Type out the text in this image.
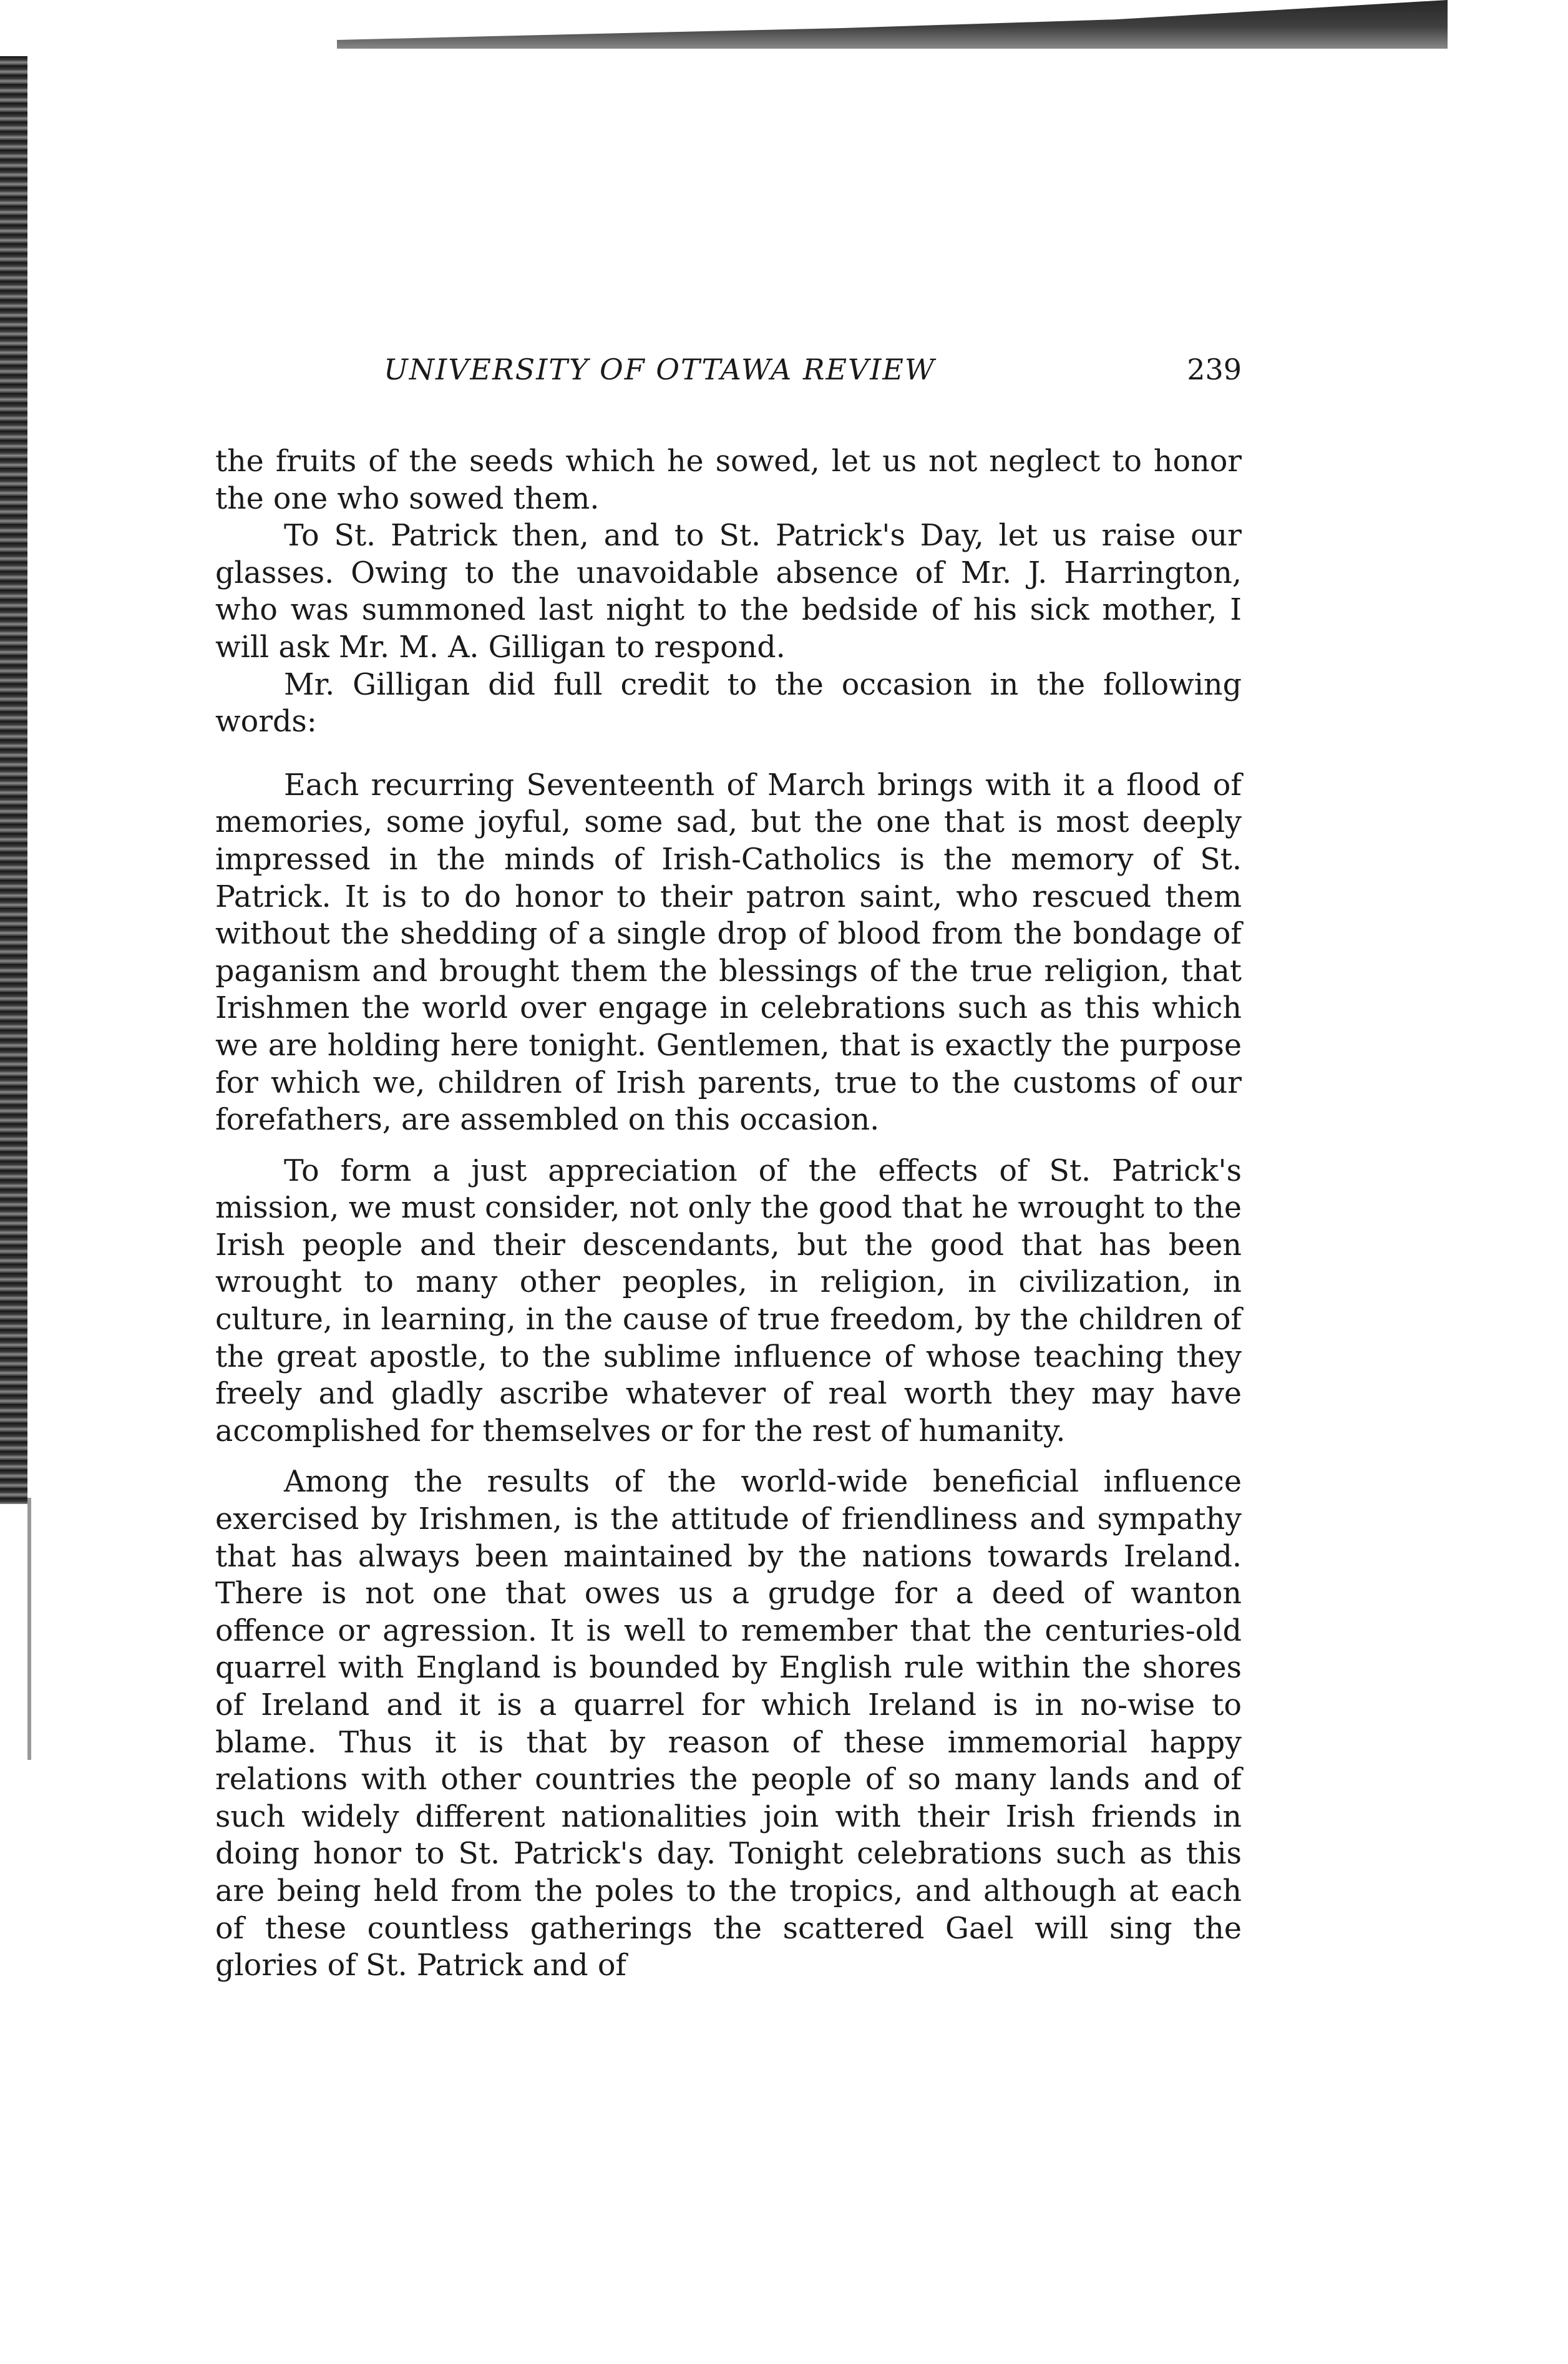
UNIVERSITY OF OTTAWA REVIEW	239

the fruits of the seeds which he sowed, let us not neglect to honor the one who sowed them.

To St. Patrick then, and to St. Patrick's Day, let us raise our glasses. Owing to the unavoidable absence of Mr. J. Harrington, who was summoned last night to the bedside of his sick mother, I will ask Mr. M. A. Gilligan to respond.

Mr. Gilligan did full credit to the occasion in the following words:

Each recurring Seventeenth of March brings with it a flood of memories, some joyful, some sad, but the one that is most deeply impressed in the minds of Irish-Catholics is the memory of St. Patrick. It is to do honor to their patron saint, who rescued them without the shedding of a single drop of blood from the bondage of paganism and brought them the blessings of the true religion, that Irishmen the world over engage in celebrations such as this which we are holding here tonight. Gentlemen, that is exactly the purpose for which we, children of Irish parents, true to the customs of our forefathers, are assembled on this occasion.

To form a just appreciation of the effects of St. Patrick's mission, we must consider, not only the good that he wrought to the Irish people and their descendants, but the good that has been wrought to many other peoples, in religion, in civilization, in culture, in learning, in the cause of true freedom, by the children of the great apostle, to the sublime influence of whose teaching they freely and gladly ascribe whatever of real worth they may have accomplished for themselves or for the rest of humanity.

Among the results of the world-wide beneficial influence exercised by Irishmen, is the attitude of friendliness and sympathy that has always been maintained by the nations towards Ireland. There is not one that owes us a grudge for a deed of wanton offence or agression. It is well to remember that the centuries-old quarrel with England is bounded by English rule within the shores of Ireland and it is a quarrel for which Ireland is in no-wise to blame. Thus it is that by reason of these immemorial happy relations with other countries the people of so many lands and of such widely different nationalities join with their Irish friends in doing honor to St. Patrick's day. Tonight celebrations such as this are being held from the poles to the tropics, and although at each of these countless gatherings the scattered Gael will sing the glories of St. Patrick and of
